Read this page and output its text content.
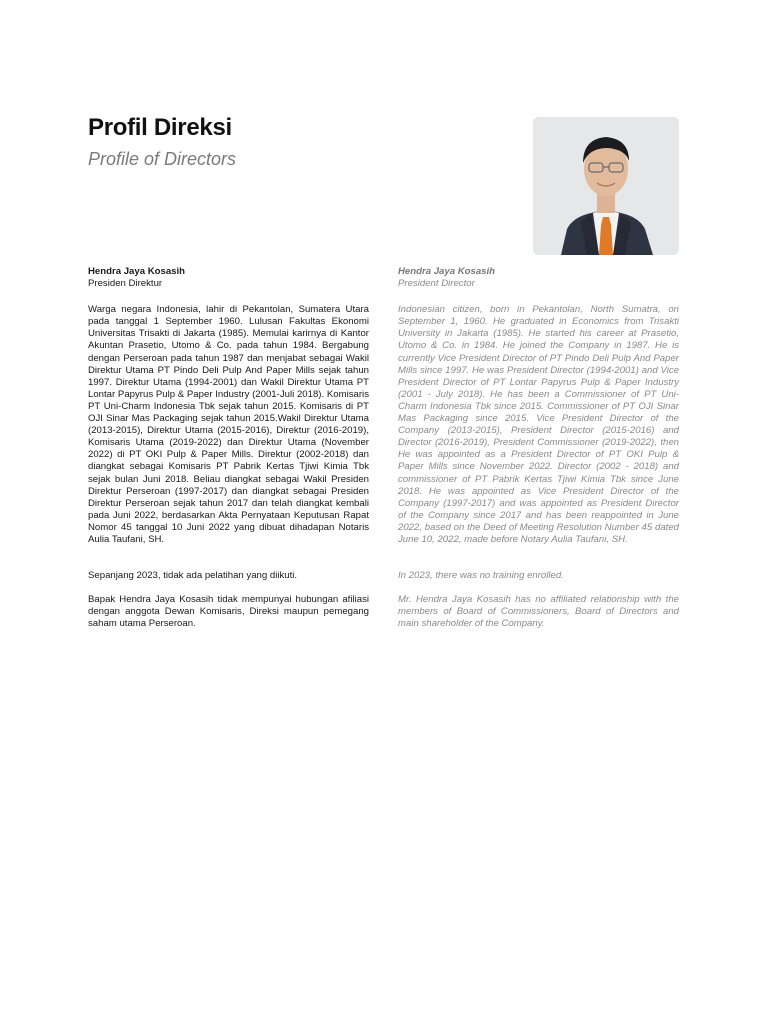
Profil Direksi
Profile of Directors
Hendra Jaya Kosasih
Presiden Direktur

Warga negara Indonesia, lahir di Pekantolan, Sumatera Utara pada tanggal 1 September 1960. Lulusan Fakultas Ekonomi Universitas Trisakti di Jakarta (1985). Memulai karirnya di Kantor Akuntan Prasetio, Utomo & Co. pada tahun 1984. Bergabung dengan Perseroan pada tahun 1987 dan menjabat sebagai Wakil Direktur Utama PT Pindo Deli Pulp And Paper Mills sejak tahun 1997. Direktur Utama (1994-2001) dan Wakil Direktur Utama PT Lontar Papyrus Pulp & Paper Industry (2001-Juli 2018). Komisaris PT Uni-Charm Indonesia Tbk sejak tahun 2015. Komisaris di PT OJI Sinar Mas Packaging sejak tahun 2015.Wakil Direktur Utama (2013-2015), Direktur Utama (2015-2016), Direktur (2016-2019), Komisaris Utama (2019-2022) dan Direktur Utama (November 2022) di PT OKI Pulp & Paper Mills. Direktur (2002-2018) dan diangkat sebagai Komisaris PT Pabrik Kertas Tjiwi Kimia Tbk sejak bulan Juni 2018. Beliau diangkat sebagai Wakil Presiden Direktur Perseroan (1997-2017) dan diangkat sebagai Presiden Direktur Perseroan sejak tahun 2017 dan telah diangkat kembali pada Juni 2022, berdasarkan Akta Pernyataan Keputusan Rapat Nomor 45 tanggal 10 Juni 2022 yang dibuat dihadapan Notaris Aulia Taufani, SH.

Sepanjang 2023, tidak ada pelatihan yang diikuti.

Bapak Hendra Jaya Kosasih tidak mempunyai hubungan afiliasi dengan anggota Dewan Komisaris, Direksi maupun pemegang saham utama Perseroan.

Hendra Jaya Kosasih
President Director

Indonesian citizen, born in Pekantolan, North Sumatra, on September 1, 1960. He graduated in Economics from Trisakti University in Jakarta (1985). He started his career at Prasetio, Utomo & Co. in 1984. He joined the Company in 1987. He is currently Vice President Director of PT Pindo Deli Pulp And Paper Mills since 1997. He was President Director (1994-2001) and Vice President Director of PT Lontar Papyrus Pulp & Paper Industry (2001 - July 2018). He has been a Commissioner of PT Uni-Charm Indonesia Tbk since 2015. Commissioner of PT OJI Sinar Mas Packaging since 2015. Vice President Director of the Company (2013-2015), President Director (2015-2016) and Director (2016-2019), President Commissioner (2019-2022), then He was appointed as a President Director of PT OKI Pulp & Paper Mills since November 2022. Director (2002 - 2018) and commissioner of PT Pabrik Kertas Tjiwi Kimia Tbk since June 2018. He was appointed as Vice President Director of the Company (1997-2017) and was appointed as President Director of the Company since 2017 and has been reappointed in June 2022, based on the Deed of Meeting Resolution Number 45 dated June 10, 2022, made before Notary Aulia Taufani, SH.

In 2023, there was no training enrolled.

Mr. Hendra Jaya Kosasih has no affiliated relationship with the members of Board of Commissioners, Board of Directors and main shareholder of the Company.
